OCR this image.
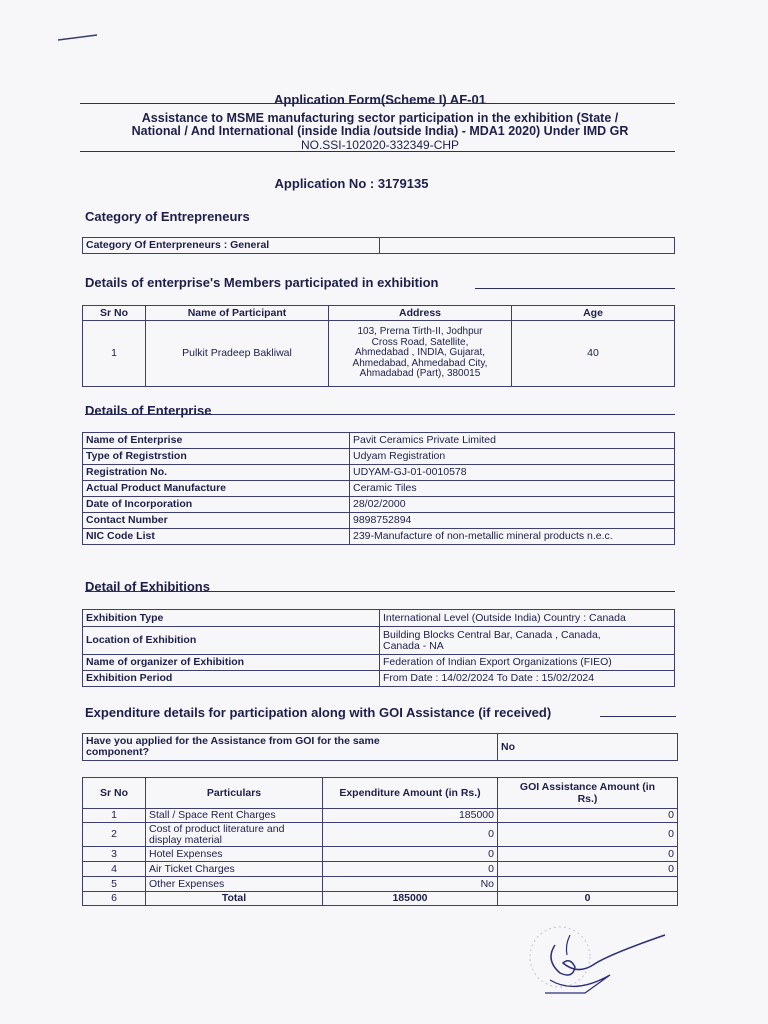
Application Form(Scheme I) AF-01
Assistance to MSME manufacturing sector participation in the exhibition (State /
National / And International (inside India /outside India) - MDA1 2020) Under IMD GR
NO.SSI-102020-332349-CHP
Application No : 3179135
Category of Entrepreneurs
Category Of Enterpreneurs : General	
Details of enterprise's Members participated in exhibition
Sr No	Name of Participant	Address	Age
1	Pulkit Pradeep Bakliwal	103, Prerna Tirth-II, Jodhpur
Cross Road, Satellite,
Ahmedabad , INDIA, Gujarat,
Ahmedabad, Ahmedabad City,
Ahmadabad (Part), 380015	40
Details of Enterprise
Name of Enterprise	Pavit Ceramics Private Limited
Type of Registrstion	Udyam Registration
Registration No.	UDYAM-GJ-01-0010578
Actual Product Manufacture	Ceramic Tiles
Date of Incorporation	28/02/2000
Contact Number	9898752894
NIC Code List	239-Manufacture of non-metallic mineral products n.e.c.
Detail of Exhibitions
Exhibition Type	International Level (Outside India) Country : Canada
Location of Exhibition	Building Blocks Central Bar, Canada , Canada,
Canada - NA

Name of organizer of Exhibition	Federation of Indian Export Organizations (FIEO)
Exhibition Period	From Date : 14/02/2024 To Date : 15/02/2024
Expenditure details for participation along with GOI Assistance (if received)
Have you applied for the Assistance from GOI for the same
component?	No
Sr No	Particulars	Expenditure Amount (in Rs.)	GOI Assistance Amount (in
Rs.)

1	Stall / Space Rent Charges	185000	0
2	Cost of product literature and
display material	0	0
3	Hotel Expenses	0	0
4	Air Ticket Charges	0	0
5	Other Expenses	No	
6	Total	185000	0
